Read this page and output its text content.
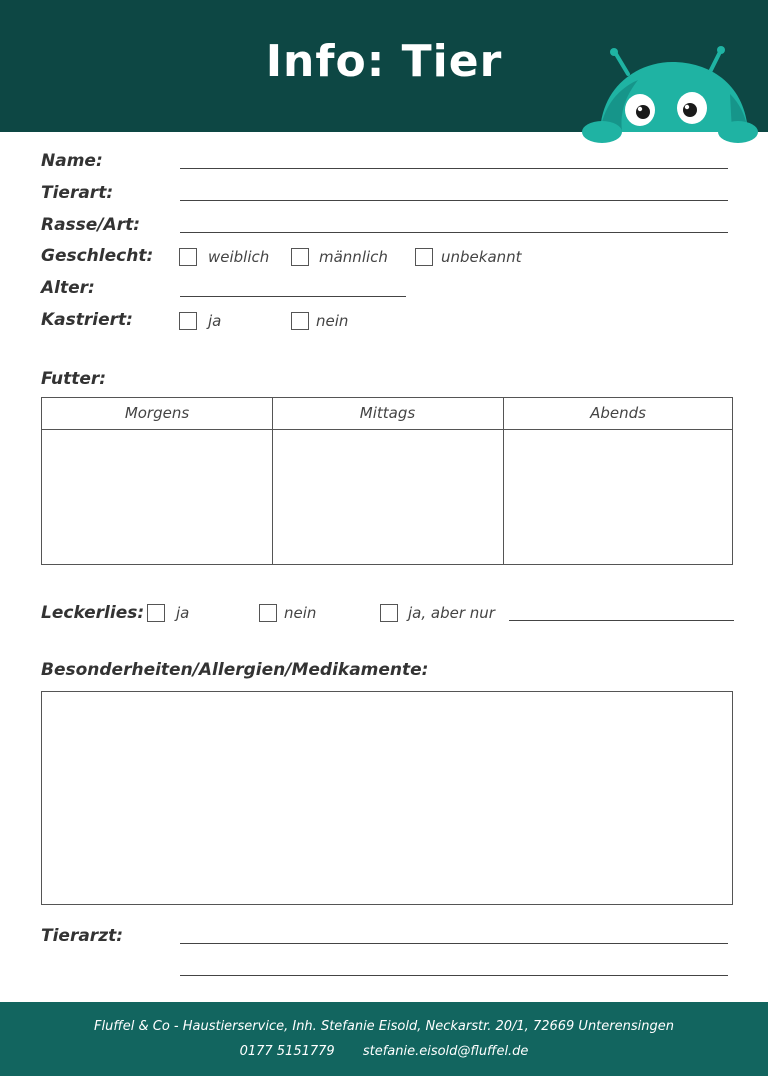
Info: Tier
Name:
Tierart:
Rasse/Art:
Geschlecht:	weiblich	männlich	unbekannt
Alter:
Kastriert:	ja	nein
Futter:
Morgens	Mittags	Abends
Leckerlies: ja	nein	ja, aber nur
Besonderheiten/Allergien/Medikamente:
Tierarzt:
Fluffel & Co - Haustierservice, Inh. Stefanie Eisold, Neckarstr. 20/1, 72669 Unterensingen
0177 5151779 stefanie.eisold@fluffel.de
